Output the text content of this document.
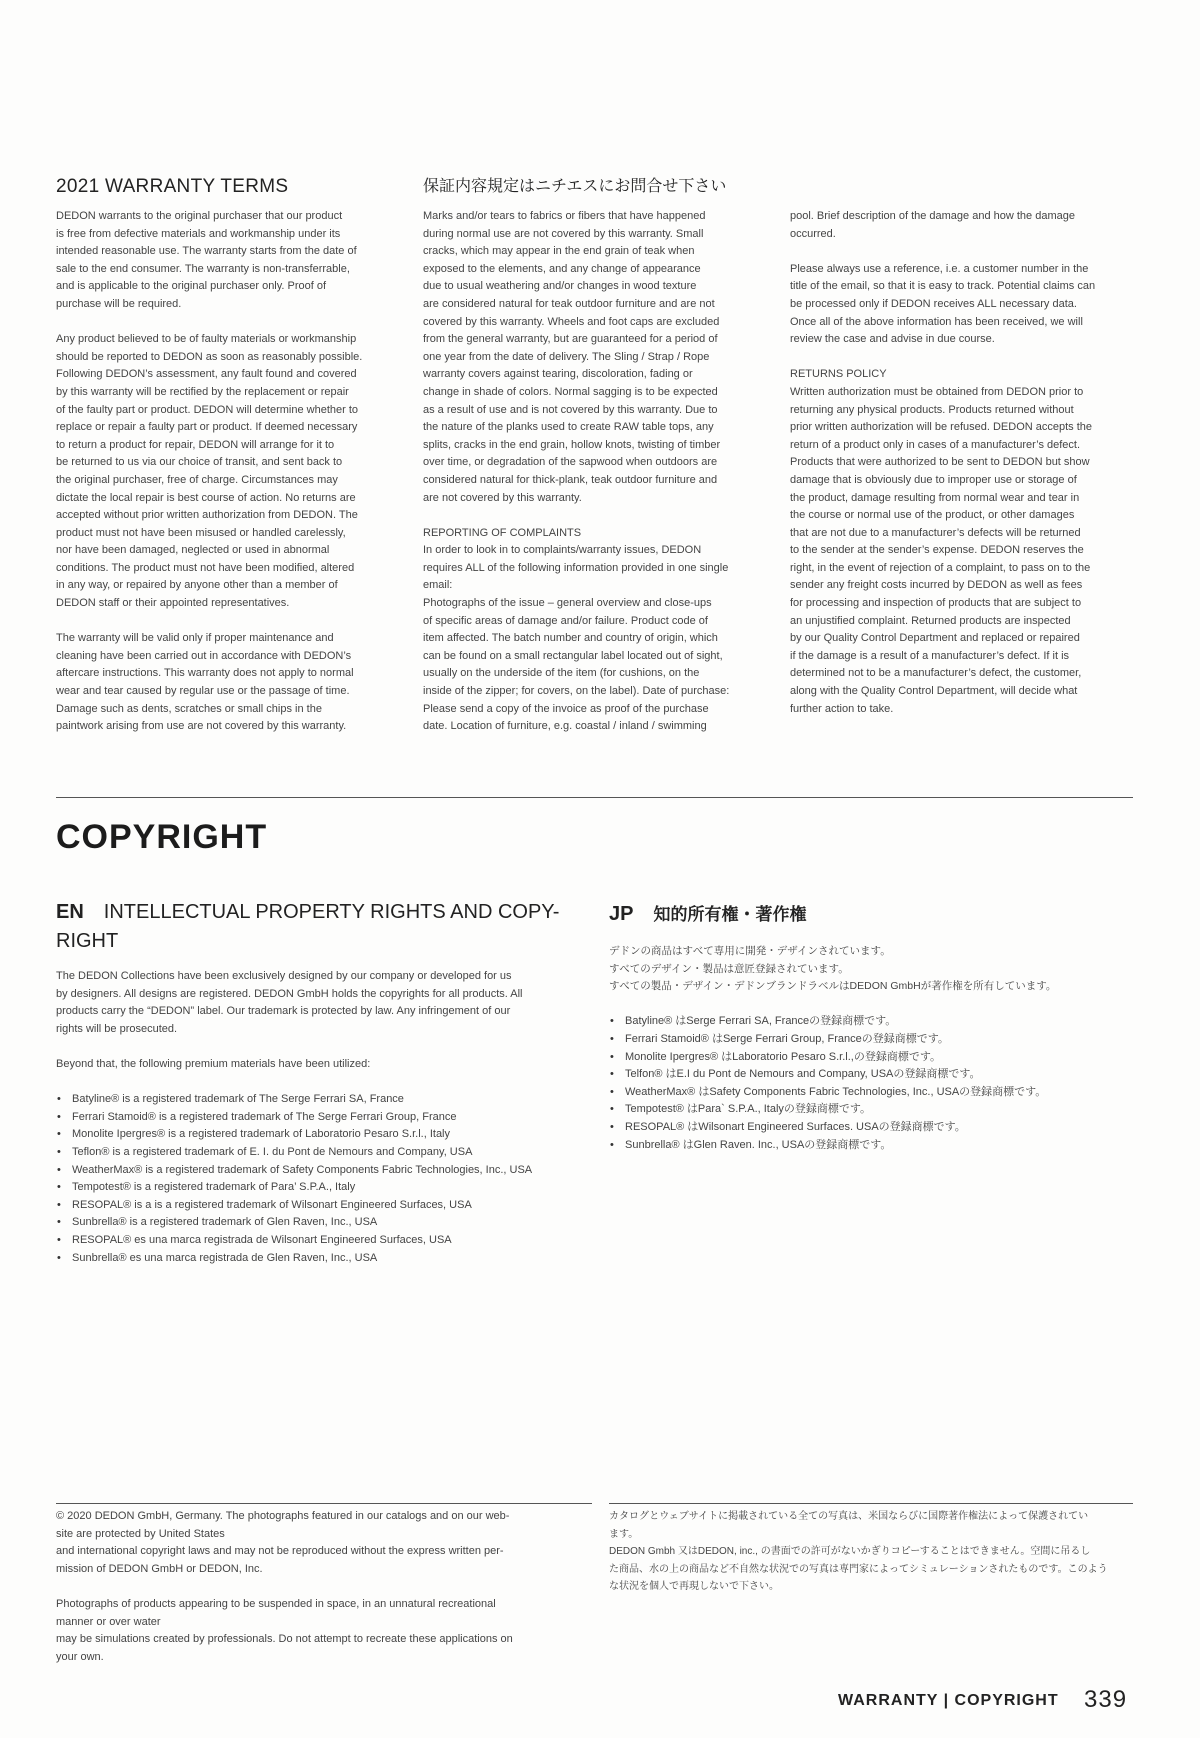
2021 WARRANTY TERMS	保証内容規定はニチエスにお問合せ下さい
DEDON warrants to the original purchaser that our product
is free from defective materials and workmanship under its
intended reasonable use. The warranty starts from the date of
sale to the end consumer. The warranty is non-transferrable,
and is applicable to the original purchaser only. Proof of
purchase will be required.
Any product believed to be of faulty materials or workmanship
should be reported to DEDON as soon as reasonably possible.
Following DEDON’s assessment, any fault found and covered
by this warranty will be rectified by the replacement or repair
of the faulty part or product. DEDON will determine whether to
replace or repair a faulty part or product. If deemed necessary
to return a product for repair, DEDON will arrange for it to
be returned to us via our choice of transit, and sent back to
the original purchaser, free of charge. Circumstances may
dictate the local repair is best course of action. No returns are
accepted without prior written authorization from DEDON. The
product must not have been misused or handled carelessly,
nor have been damaged, neglected or used in abnormal
conditions. The product must not have been modified, altered
in any way, or repaired by anyone other than a member of
DEDON staff or their appointed representatives.
The warranty will be valid only if proper maintenance and
cleaning have been carried out in accordance with DEDON’s
aftercare instructions. This warranty does not apply to normal
wear and tear caused by regular use or the passage of time.
Damage such as dents, scratches or small chips in the
paintwork arising from use are not covered by this warranty.
Marks and/or tears to fabrics or fibers that have happened
during normal use are not covered by this warranty. Small
cracks, which may appear in the end grain of teak when
exposed to the elements, and any change of appearance
due to usual weathering and/or changes in wood texture
are considered natural for teak outdoor furniture and are not
covered by this warranty. Wheels and foot caps are excluded
from the general warranty, but are guaranteed for a period of
one year from the date of delivery. The Sling / Strap / Rope
warranty covers against tearing, discoloration, fading or
change in shade of colors. Normal sagging is to be expected
as a result of use and is not covered by this warranty. Due to
the nature of the planks used to create RAW table tops, any
splits, cracks in the end grain, hollow knots, twisting of timber
over time, or degradation of the sapwood when outdoors are
considered natural for thick-plank, teak outdoor furniture and
are not covered by this warranty.
REPORTING OF COMPLAINTS
In order to look in to complaints/warranty issues, DEDON
requires ALL of the following information provided in one single
email:
Photographs of the issue – general overview and close-ups
of specific areas of damage and/or failure. Product code of
item affected. The batch number and country of origin, which
can be found on a small rectangular label located out of sight,
usually on the underside of the item (for cushions, on the
inside of the zipper; for covers, on the label). Date of purchase:
Please send a copy of the invoice as proof of the purchase
date. Location of furniture, e.g. coastal / inland / swimming
pool. Brief description of the damage and how the damage
occurred.
Please always use a reference, i.e. a customer number in the
title of the email, so that it is easy to track. Potential claims can
be processed only if DEDON receives ALL necessary data.
Once all of the above information has been received, we will
review the case and advise in due course.
RETURNS POLICY
Written authorization must be obtained from DEDON prior to
returning any physical products. Products returned without
prior written authorization will be refused. DEDON accepts the
return of a product only in cases of a manufacturer’s defect.
Products that were authorized to be sent to DEDON but show
damage that is obviously due to improper use or storage of
the product, damage resulting from normal wear and tear in
the course or normal use of the product, or other damages
that are not due to a manufacturer’s defects will be returned
to the sender at the sender’s expense. DEDON reserves the
right, in the event of rejection of a complaint, to pass on to the
sender any freight costs incurred by DEDON as well as fees
for processing and inspection of products that are subject to
an unjustified complaint. Returned products are inspected
by our Quality Control Department and replaced or repaired
if the damage is a result of a manufacturer’s defect. If it is
determined not to be a manufacturer’s defect, the customer,
along with the Quality Control Department, will decide what
further action to take.
COPYRIGHT
EN INTELLECTUAL PROPERTY RIGHTS AND COPY-
RIGHT
The DEDON Collections have been exclusively designed by our company or developed for us
by designers. All designs are registered. DEDON GmbH holds the copyrights for all products. All
products carry the “DEDON” label. Our trademark is protected by law. Any infringement of our
rights will be prosecuted.
Beyond that, the following premium materials have been utilized:
• Batyline® is a registered trademark of The Serge Ferrari SA, France
• Ferrari Stamoid® is a registered trademark of The Serge Ferrari Group, France
• Monolite Ipergres® is a registered trademark of Laboratorio Pesaro S.r.l., Italy
• Teflon® is a registered trademark of E. I. du Pont de Nemours and Company, USA
• WeatherMax® is a registered trademark of Safety Components Fabric Technologies, Inc., USA
• Tempotest® is a registered trademark of Para’ S.P.A., Italy
• RESOPAL® is a is a registered trademark of Wilsonart Engineered Surfaces, USA
• Sunbrella® is a registered trademark of Glen Raven, Inc., USA
• RESOPAL® es una marca registrada de Wilsonart Engineered Surfaces, USA
• Sunbrella® es una marca registrada de Glen Raven, Inc., USA
JP 知的所有権・著作権
デドンの商品はすべて専用に開発・デザインされています。
すべてのデザイン・製品は意匠登録されています。
すべての製品・デザイン・デドンブランドラベルはDEDON GmbHが著作権を所有しています。
• Batyline® はSerge Ferrari SA, Franceの登録商標です。
• Ferrari Stamoid® はSerge Ferrari Group, Franceの登録商標です。
• Monolite Ipergres® はLaboratorio Pesaro S.r.l.,の登録商標です。
• Telfon® はE.I du Pont de Nemours and Company, USAの登録商標です。
• WeatherMax® はSafety Components Fabric Technologies, Inc., USAの登録商標です。
• Tempotest® はPara` S.P.A., Italyの登録商標です。
• RESOPAL® はWilsonart Engineered Surfaces. USAの登録商標です。
• Sunbrella® はGlen Raven. Inc., USAの登録商標です。
© 2020 DEDON GmbH, Germany. The photographs featured in our catalogs and on our web-
site are protected by United States
and international copyright laws and may not be reproduced without the express written per-
mission of DEDON GmbH or DEDON, Inc.
Photographs of products appearing to be suspended in space, in an unnatural recreational
manner or over water
may be simulations created by professionals. Do not attempt to recreate these applications on
your own.
カタログとウェブサイトに掲載されている全ての写真は、米国ならびに国際著作権法によって保護されてい
ます。
DEDON Gmbh 又はDEDON, inc., の書面での許可がないかぎりコピーすることはできません。空間に吊るし
た商品、水の上の商品など不自然な状況での写真は専門家によってシミュレーションされたものです。このよう
な状況を個人で再現しないで下さい。
WARRANTY | COPYRIGHT 339
